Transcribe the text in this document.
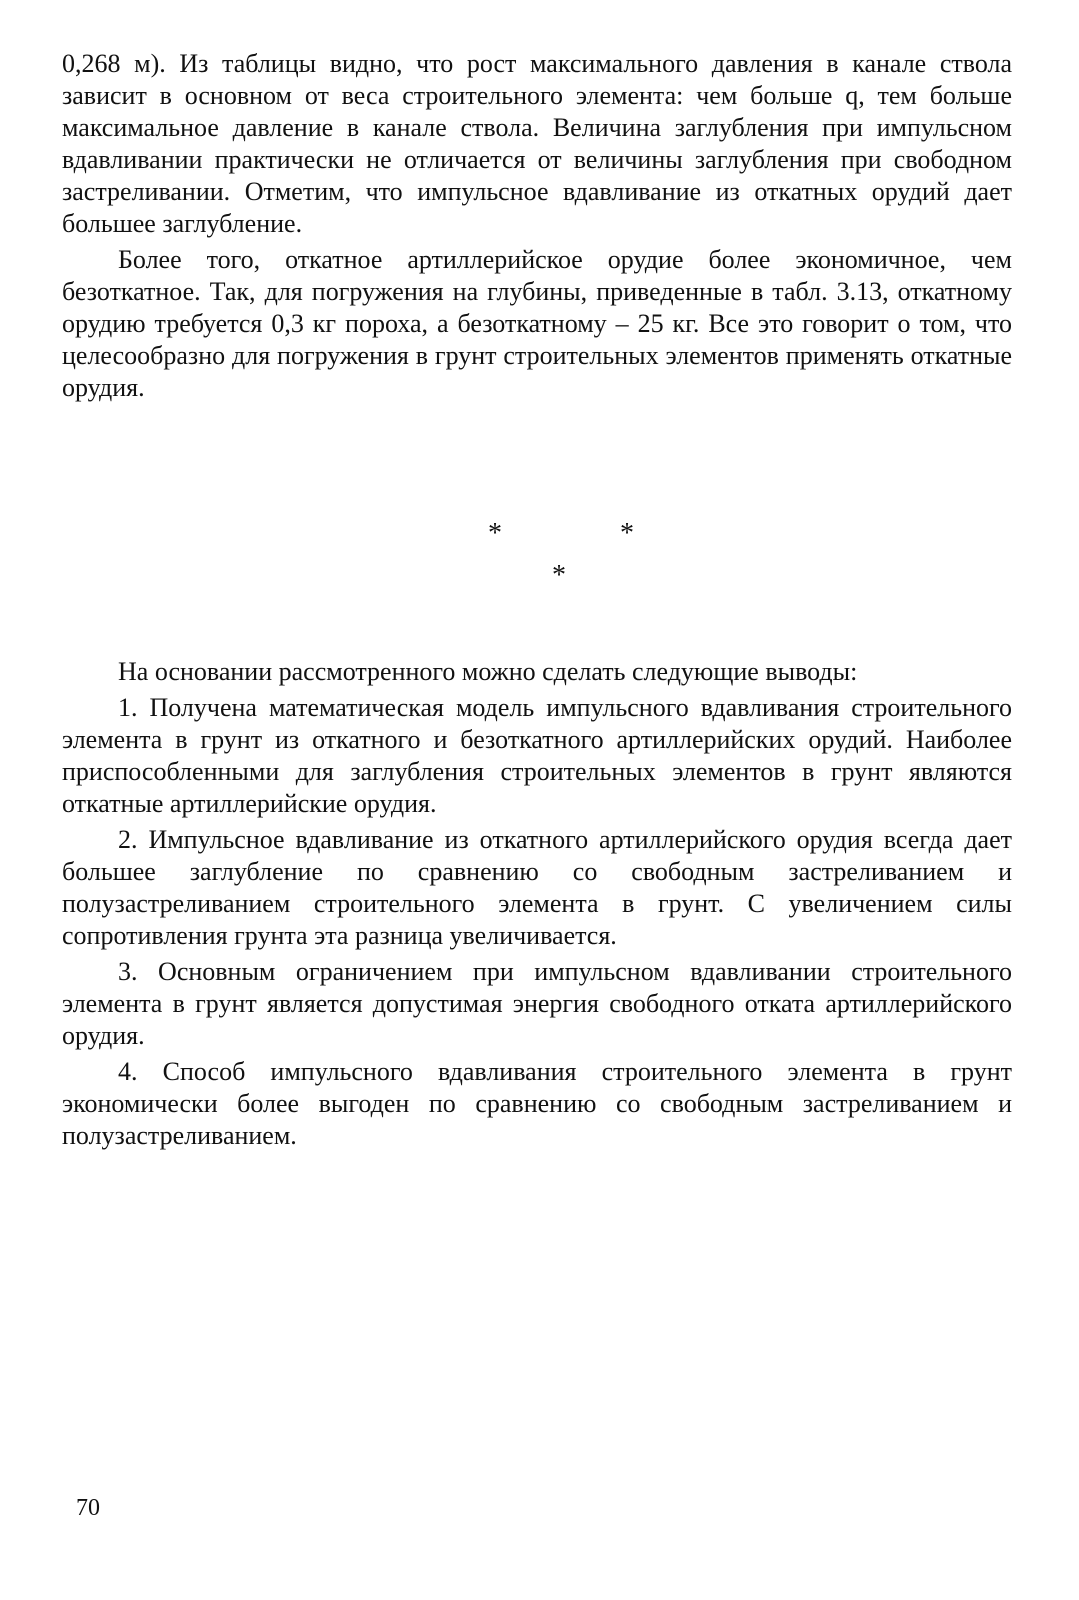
0,268 м). Из таблицы видно, что рост максимального давления в канале ствола зависит в основном от веса строительного элемента: чем больше q, тем больше максимальное давление в канале ствола. Величина заглубления при импульсном вдавливании практически не отличается от величины заглубления при свободном застреливании. Отметим, что импульсное вдавливание из откатных орудий дает большее заглубление.

Более того, откатное артиллерийское орудие более экономичное, чем безоткатное. Так, для погружения на глубины, приведенные в табл. 3.13, откатному орудию требуется 0,3 кг пороха, а безоткатному – 25 кг. Все это говорит о том, что целесообразно для погружения в грунт строительных элементов применять откатные орудия.

*	*
*

На основании рассмотренного можно сделать следующие выводы:

1. Получена математическая модель импульсного вдавливания строительного элемента в грунт из откатного и безоткатного артиллерийских орудий. Наиболее приспособленными для заглубления строительных элементов в грунт являются откатные артиллерийские орудия.

2. Импульсное вдавливание из откатного артиллерийского орудия всегда дает большее заглубление по сравнению со свободным застреливанием и полузастреливанием строительного элемента в грунт. С увеличением силы сопротивления грунта эта разница увеличивается.

3. Основным ограничением при импульсном вдавливании строительного элемента в грунт является допустимая энергия свободного отката артиллерийского орудия.

4. Способ импульсного вдавливания строительного элемента в грунт экономически более выгоден по сравнению со свободным застреливанием и полузастреливанием.

70
